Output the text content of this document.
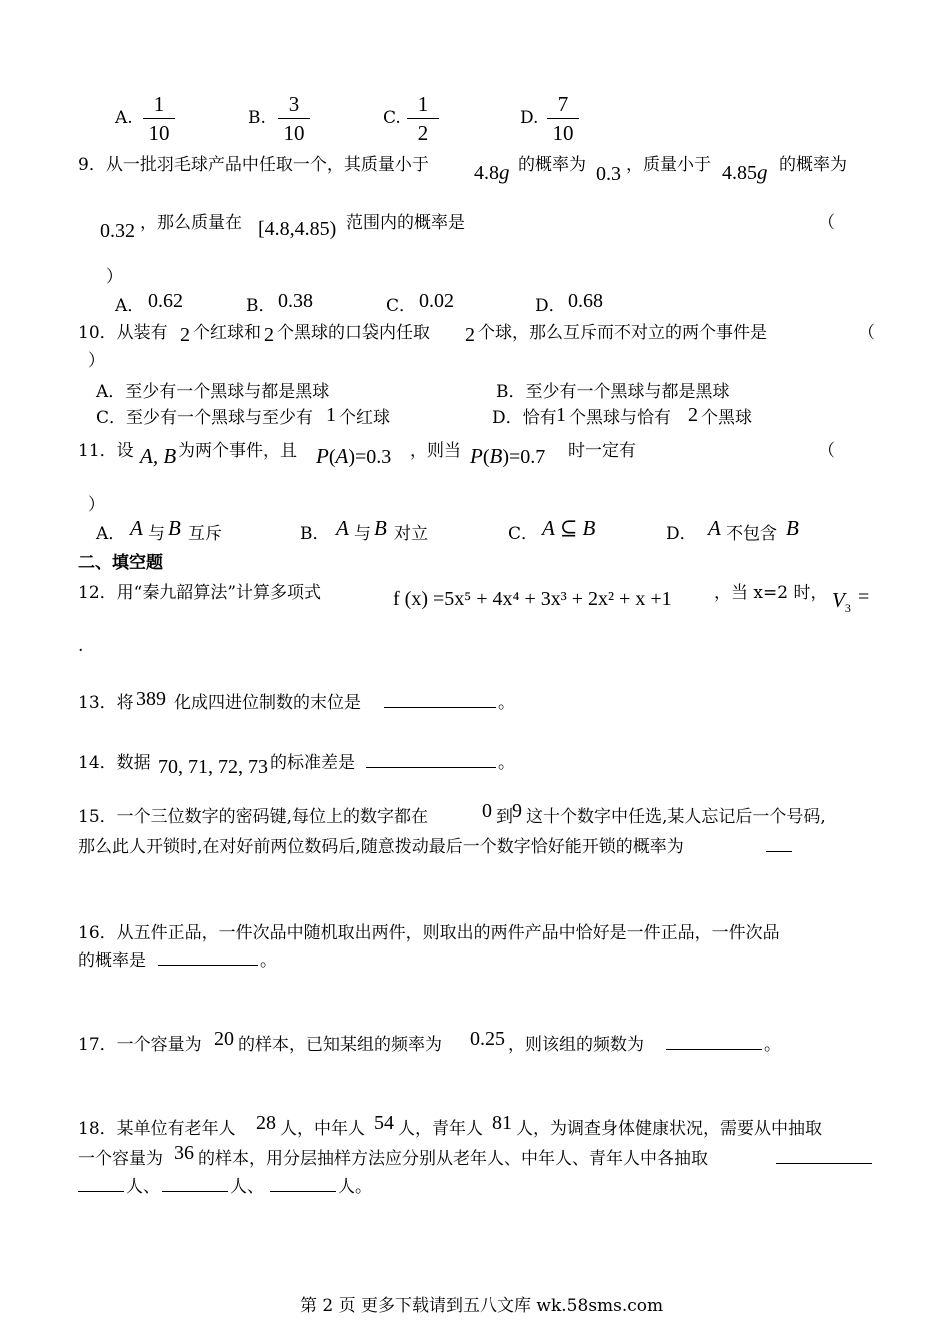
A.
1
10
B.
3
10
C.
1
2
D.
7
10
9．从一批羽毛球产品中任取一个，其质量小于 4.8g 的概率为 0.3 ，质量小于 4.85g 的概率为
0.32 ，那么质量在 [4.8,4.85) 范围内的概率是	（
）
A． 0.62	B． 0.38	C． 0.02	D． 0.68
10．从装有 2 个红球和 2 个黑球的口袋内任取 2 个球，那么互斥而不对立的两个事件是	（
）
A．至少有一个黑球与都是黑球	B．至少有一个黑球与都是黑球
C．至少有一个黑球与至少有 1 个红球	D．恰有 1 个黑球与恰有 2 个黑球
11．设 A, B 为两个事件，且 P(A)=0.3 ，则当 P(B)=0.7 时一定有	（
）
A． A 与 B 互斥	B． A 与 B 对立	C． A ⊆ B	D． A 不包含 B
二、填空题
12．用“秦九韶算法”计算多项式	f (x) =5x⁵ + 4x⁴ + 3x³ + 2x² + x +1 ，当 x=2 时， $V_3$
=
.
13．将 389 化成四进位制数的末位是	。
14．数据 70, 71, 72, 73 的标准差是	。
15．一个三位数字的密码键,每位上的数字都在	0 到 9 这十个数字中任选,某人忘记后一个号码,
那么此人开锁时,在对好前两位数码后,随意拨动最后一个数字恰好能开锁的概率为
16．从五件正品，一件次品中随机取出两件，则取出的两件产品中恰好是一件正品，一件次品
的概率是	。
17．一个容量为 20 的样本，已知某组的频率为 0.25 ，则该组的频数为	。
18．某单位有老年人 28 人，中年人 54 人，青年人 81 人，为调查身体健康状况，需要从中抽取
一个容量为 36 的样本，用分层抽样方法应分别从老年人、中年人、青年人中各抽取
人、	人、	人。
第 2 页 更多下载请到五八文库 wk.58sms.com
